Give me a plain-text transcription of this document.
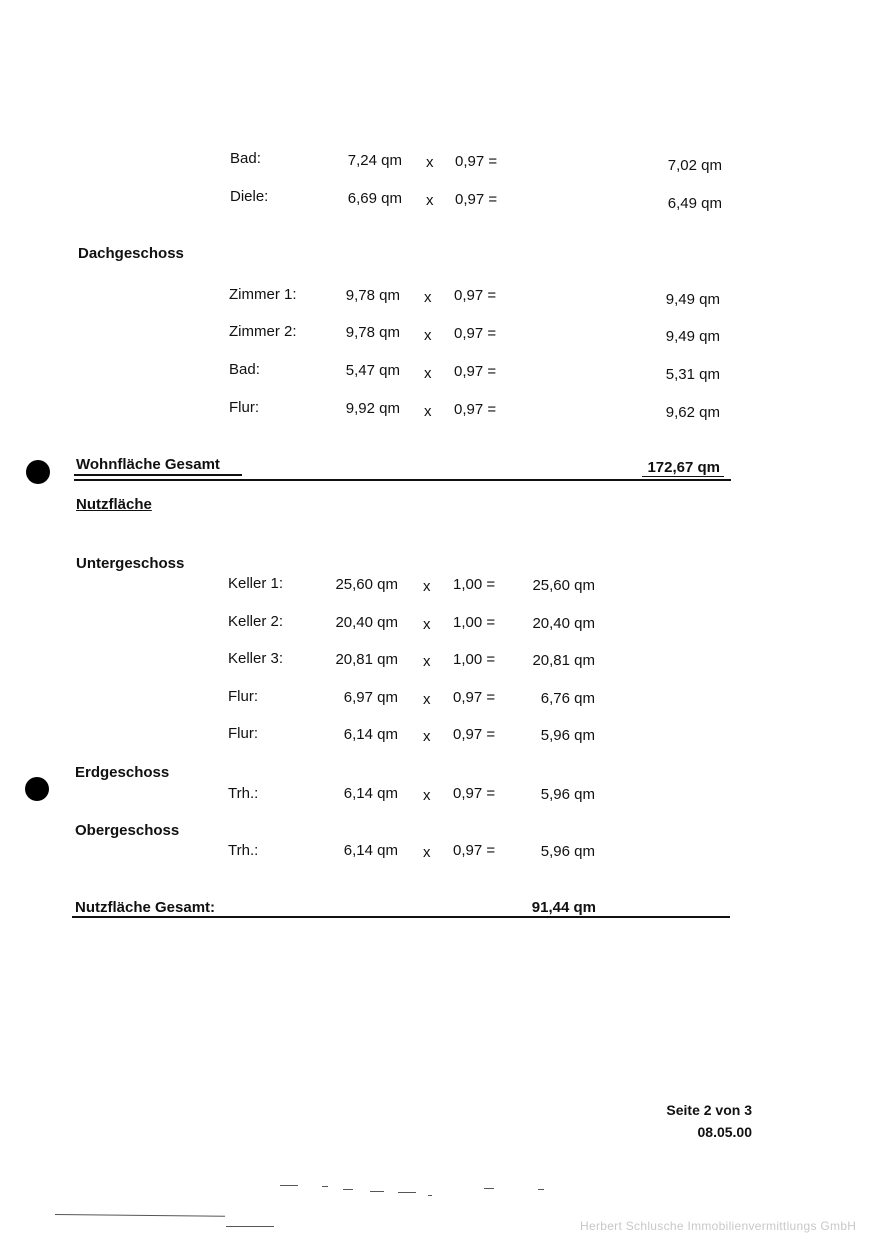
Bad:	7,24 qm x 0,97 =	7,02 qm
Diele:	6,69 qm x 0,97 =	6,49 qm
Dachgeschoss
Zimmer 1:	9,78 qm x 0,97 =	9,49 qm
Zimmer 2:	9,78 qm x 0,97 =	9,49 qm
Bad:	5,47 qm x 0,97 =	5,31 qm
Flur:	9,92 qm x 0,97 =	9,62 qm
Wohnfläche Gesamt	172,67 qm
Nutzfläche
Untergeschoss
Keller 1:	25,60 qm x 1,00 =	25,60 qm
Keller 2:	20,40 qm x 1,00 =	20,40 qm
Keller 3:	20,81 qm x 1,00 =	20,81 qm
Flur:	6,97 qm x 0,97 =	6,76 qm
Flur:	6,14 qm x 0,97 =	5,96 qm
Erdgeschoss
Trh.:	6,14 qm x 0,97 =	5,96 qm
Obergeschoss
Trh.:	6,14 qm x 0,97 =	5,96 qm
Nutzfläche Gesamt:	91,44 qm
Seite 2 von 3
08.05.00
Herbert Schlusche Immobilienvermittlungs GmbH
